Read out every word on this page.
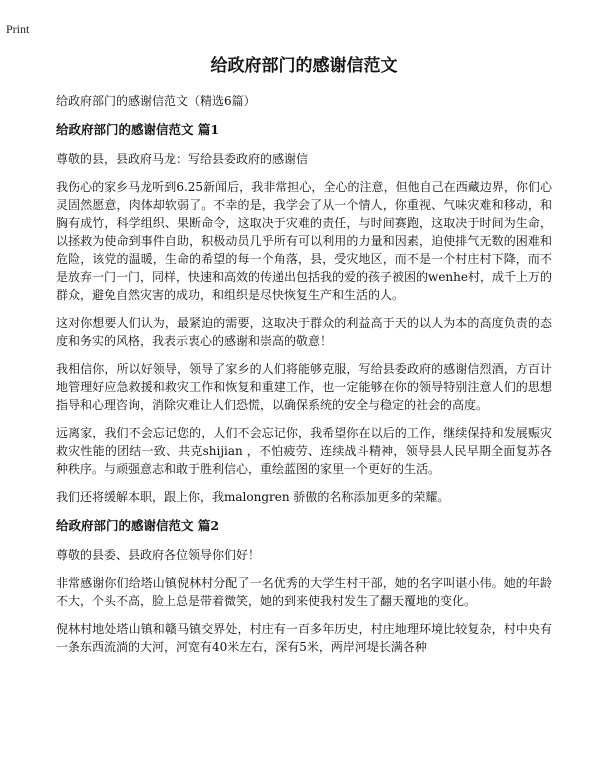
Print
给政府部门的感谢信范文
给政府部门的感谢信范文（精选6篇）
给政府部门的感谢信范文 篇1

尊敬的县，县政府马龙：写给县委政府的感谢信

我伤心的家乡马龙听到6.25新闻后，我非常担心，全心的注意，但他自己在西藏边界，你们心灵固然愿意，肉体却软弱了。不幸的是，我学会了从一个情人，你重视、气味灾难和移动，和胸有成竹，科学组织、果断命令，这取决于灾难的责任，与时间赛跑，这取决于时间为生命，以拯救为使命到事件自助，积极动员几乎所有可以利用的力量和因素，迫使排气无数的困难和危险，该党的温暖，生命的希望的每一个角落，县，受灾地区，而不是一个村庄村下降，而不是放弃一门一门，同样，快速和高效的传递出包括我的爱的孩子被困的wenhe村，成千上万的群众，避免自然灾害的成功，和组织是尽快恢复生产和生活的人。

这对你想要人们认为，最紧迫的需要，这取决于群众的利益高于天的以人为本的高度负责的态度和务实的风格，我表示衷心的感谢和崇高的敬意！

我相信你，所以好领导，领导了家乡的人们将能够克服，写给县委政府的感谢信烈酒，方百计地管理好应急救援和救灾工作和恢复和重建工作，也一定能够在你的领导特别注意人们的思想指导和心理咨询，消除灾难让人们恐慌，以确保系统的安全与稳定的社会的高度。

远离家，我们不会忘记您的，人们不会忘记你，我希望你在以后的工作，继续保持和发展赈灾救灾性能的团结一致、共克shijian ，不怕疲劳、连续战斗精神，领导县人民早期全面复苏各种秩序。与顽强意志和敢于胜利信心，重绘蓝图的家里一个更好的生活。

我们还将缓解本职，跟上你，我malongren 骄傲的名称添加更多的荣耀。

给政府部门的感谢信范文 篇2

尊敬的县委、县政府各位领导你们好！

非常感谢你们给塔山镇倪林村分配了一名优秀的大学生村干部，她的名字叫谌小伟。她的年龄不大，个头不高，脸上总是带着微笑，她的到来使我村发生了翻天覆地的变化。

倪林村地处塔山镇和赣马镇交界处，村庄有一百多年历史，村庄地理环境比较复杂，村中央有一条东西流淌的大河，河宽有40米左右，深有5米，两岸河堤长满各种
